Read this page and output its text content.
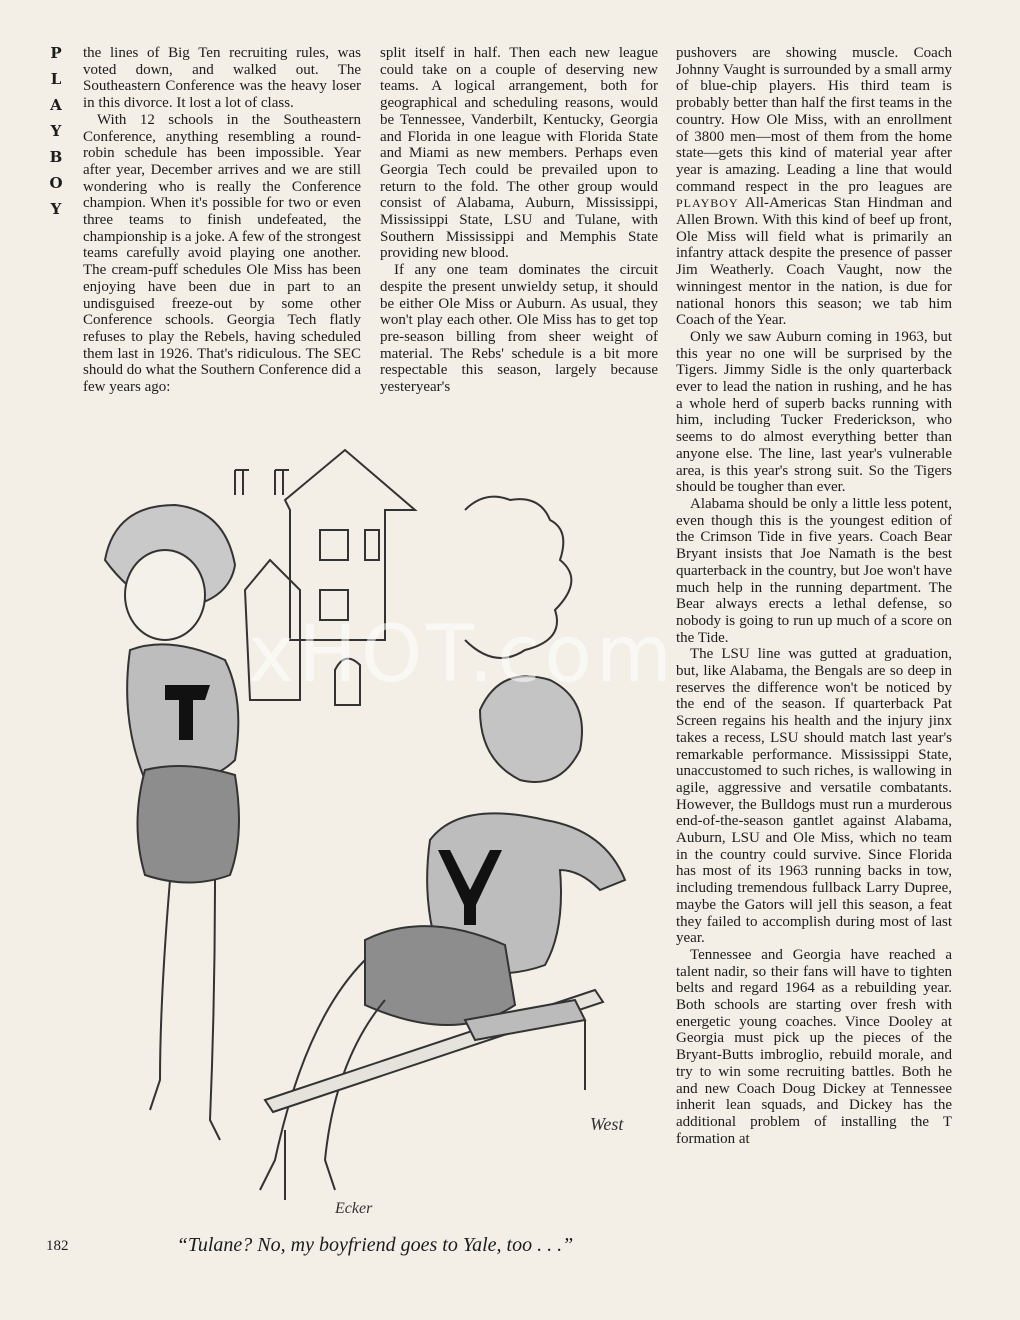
P
L
A
Y
B
O
Y

the lines of Big Ten recruiting rules, was voted down, and walked out. The Southeastern Conference was the heavy loser in this divorce. It lost a lot of class.

With 12 schools in the Southeastern Conference, anything resembling a round-robin schedule has been impossible. Year after year, December arrives and we are still wondering who is really the Conference champion. When it's possible for two or even three teams to finish undefeated, the championship is a joke. A few of the strongest teams carefully avoid playing one another. The cream-puff schedules Ole Miss has been enjoying have been due in part to an undisguised freeze-out by some other Conference schools. Georgia Tech flatly refuses to play the Rebels, having scheduled them last in 1926. That's ridiculous. The SEC should do what the Southern Conference did a few years ago:

split itself in half. Then each new league could take on a couple of deserving new teams. A logical arrangement, both for geographical and scheduling reasons, would be Tennessee, Vanderbilt, Kentucky, Georgia and Florida in one league with Florida State and Miami as new members. Perhaps even Georgia Tech could be prevailed upon to return to the fold. The other group would consist of Alabama, Auburn, Mississippi, Mississippi State, LSU and Tulane, with Southern Mississippi and Memphis State providing new blood.

If any one team dominates the circuit despite the present unwieldy setup, it should be either Ole Miss or Auburn. As usual, they won't play each other. Ole Miss has to get top pre-season billing from sheer weight of material. The Rebs' schedule is a bit more respectable this season, largely because yesteryear's

pushovers are showing muscle. Coach Johnny Vaught is surrounded by a small army of blue-chip players. His third team is probably better than half the first teams in the country. How Ole Miss, with an enrollment of 3800 men—most of them from the home state—gets this kind of material year after year is amazing. Leading a line that would command respect in the pro leagues are PLAYBOY All-Americas Stan Hindman and Allen Brown. With this kind of beef up front, Ole Miss will field what is primarily an infantry attack despite the presence of passer Jim Weatherly. Coach Vaught, now the winningest mentor in the nation, is due for national honors this season; we tab him Coach of the Year.

Only we saw Auburn coming in 1963, but this year no one will be surprised by the Tigers. Jimmy Sidle is the only quarterback ever to lead the nation in rushing, and he has a whole herd of superb backs running with him, including Tucker Frederickson, who seems to do almost everything better than anyone else. The line, last year's vulnerable area, is this year's strong suit. So the Tigers should be tougher than ever.

Alabama should be only a little less potent, even though this is the youngest edition of the Crimson Tide in five years. Coach Bear Bryant insists that Joe Namath is the best quarterback in the country, but Joe won't have much help in the running department. The Bear always erects a lethal defense, so nobody is going to run up much of a score on the Tide.

The LSU line was gutted at graduation, but, like Alabama, the Bengals are so deep in reserves the difference won't be noticed by the end of the season. If quarterback Pat Screen regains his health and the injury jinx takes a recess, LSU should match last year's remarkable performance. Mississippi State, unaccustomed to such riches, is wallowing in agile, aggressive and versatile combatants. However, the Bulldogs must run a murderous end-of-the-season gantlet against Alabama, Auburn, LSU and Ole Miss, which no team in the country could survive. Since Florida has most of its 1963 running backs in tow, including tremendous fullback Larry Dupree, maybe the Gators will jell this season, a feat they failed to accomplish during most of last year.

Tennessee and Georgia have reached a talent nadir, so their fans will have to tighten belts and regard 1964 as a rebuilding year. Both schools are starting over fresh with energetic young coaches. Vince Dooley at Georgia must pick up the pieces of the Bryant-Butts imbroglio, rebuild morale, and try to win some recruiting battles. Both he and new Coach Doug Dickey at Tennessee inherit lean squads, and Dickey has the additional problem of installing the T formation at

Ecker
West
xHOT.com
182	“Tulane? No, my boyfriend goes to Yale, too . . .”
